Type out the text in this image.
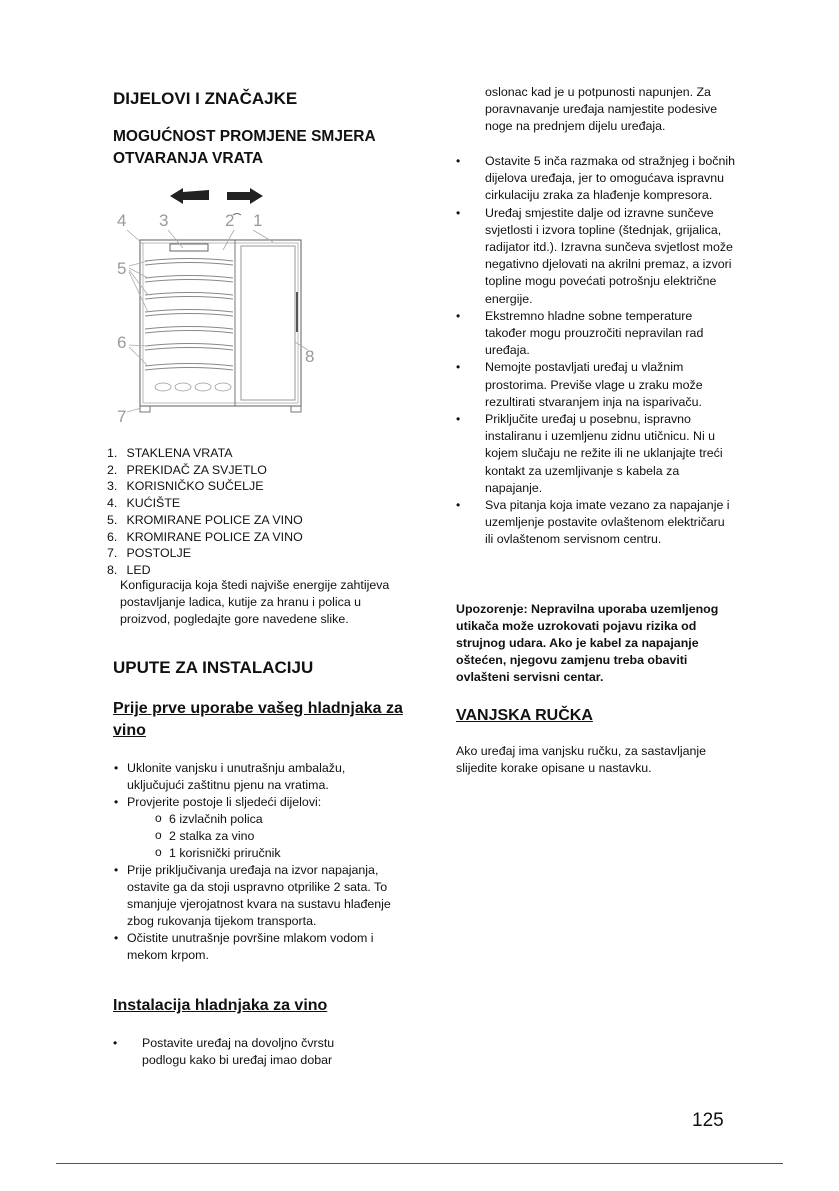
DIJELOVI I ZNAČAJKE
MOGUĆNOST PROMJENE SMJERA OTVARANJA VRATA
4 3	2 1
5
6
7
8
1. STAKLENA VRATA
2. PREKIDAČ ZA SVJETLO
3. KORISNIČKO SUČELJE
4. KUĆIŠTE
5. KROMIRANE POLICE ZA VINO
6. KROMIRANE POLICE ZA VINO
7. POSTOLJE
8. LED
Konfiguracija koja štedi najviše energije zahtijeva postavljanje ladica, kutije za hranu i polica u proizvod, pogledajte gore navedene slike.
UPUTE ZA INSTALACIJU
Prije prve uporabe vašeg hladnjaka za vino
• Uklonite vanjsku i unutrašnju ambalažu, uključujući zaštitnu pjenu na vratima.
• Provjerite postoje li sljedeći dijelovi:
o 6 izvlačnih polica
o 2 stalka za vino
o 1 korisnički priručnik
• Prije priključivanja uređaja na izvor napajanja, ostavite ga da stoji uspravno otprilike 2 sata. To smanjuje vjerojatnost kvara na sustavu hlađenje zbog rukovanja tijekom transporta.
• Očistite unutrašnje površine mlakom vodom i mekom krpom.
Instalacija hladnjaka za vino
• Postavite uređaj na dovoljno čvrstu podlogu kako bi uređaj imao dobar
oslonac kad je u potpunosti napunjen. Za poravnavanje uređaja namjestite podesive noge na prednjem dijelu uređaja.
• Ostavite 5 inča razmaka od stražnjeg i bočnih dijelova uređaja, jer to omogućava ispravnu cirkulaciju zraka za hlađenje kompresora.
• Uređaj smjestite dalje od izravne sunčeve svjetlosti i izvora topline (štednjak, grijalica, radijator itd.). Izravna sunčeva svjetlost može negativno djelovati na akrilni premaz, a izvori topline mogu povećati potrošnju električne energije.
• Ekstremno hladne sobne temperature također mogu prouzročiti nepravilan rad uređaja.
• Nemojte postavljati uređaj u vlažnim prostorima. Previše vlage u zraku može rezultirati stvaranjem inja na isparivaču.
• Priključite uređaj u posebnu, ispravno instaliranu i uzemljenu zidnu utičnicu. Ni u kojem slučaju ne režite ili ne uklanjajte treći kontakt za uzemljivanje s kabela za napajanje.
• Sva pitanja koja imate vezano za napajanje i uzemljenje postavite ovlaštenom električaru ili ovlaštenom servisnom centru.
Upozorenje: Nepravilna uporaba uzemljenog utikača može uzrokovati pojavu rizika od strujnog udara. Ako je kabel za napajanje oštećen, njegovu zamjenu treba obaviti ovlašteni servisni centar.
VANJSKA RUČKA
Ako uređaj ima vanjsku ručku, za sastavljanje slijedite korake opisane u nastavku.
125
